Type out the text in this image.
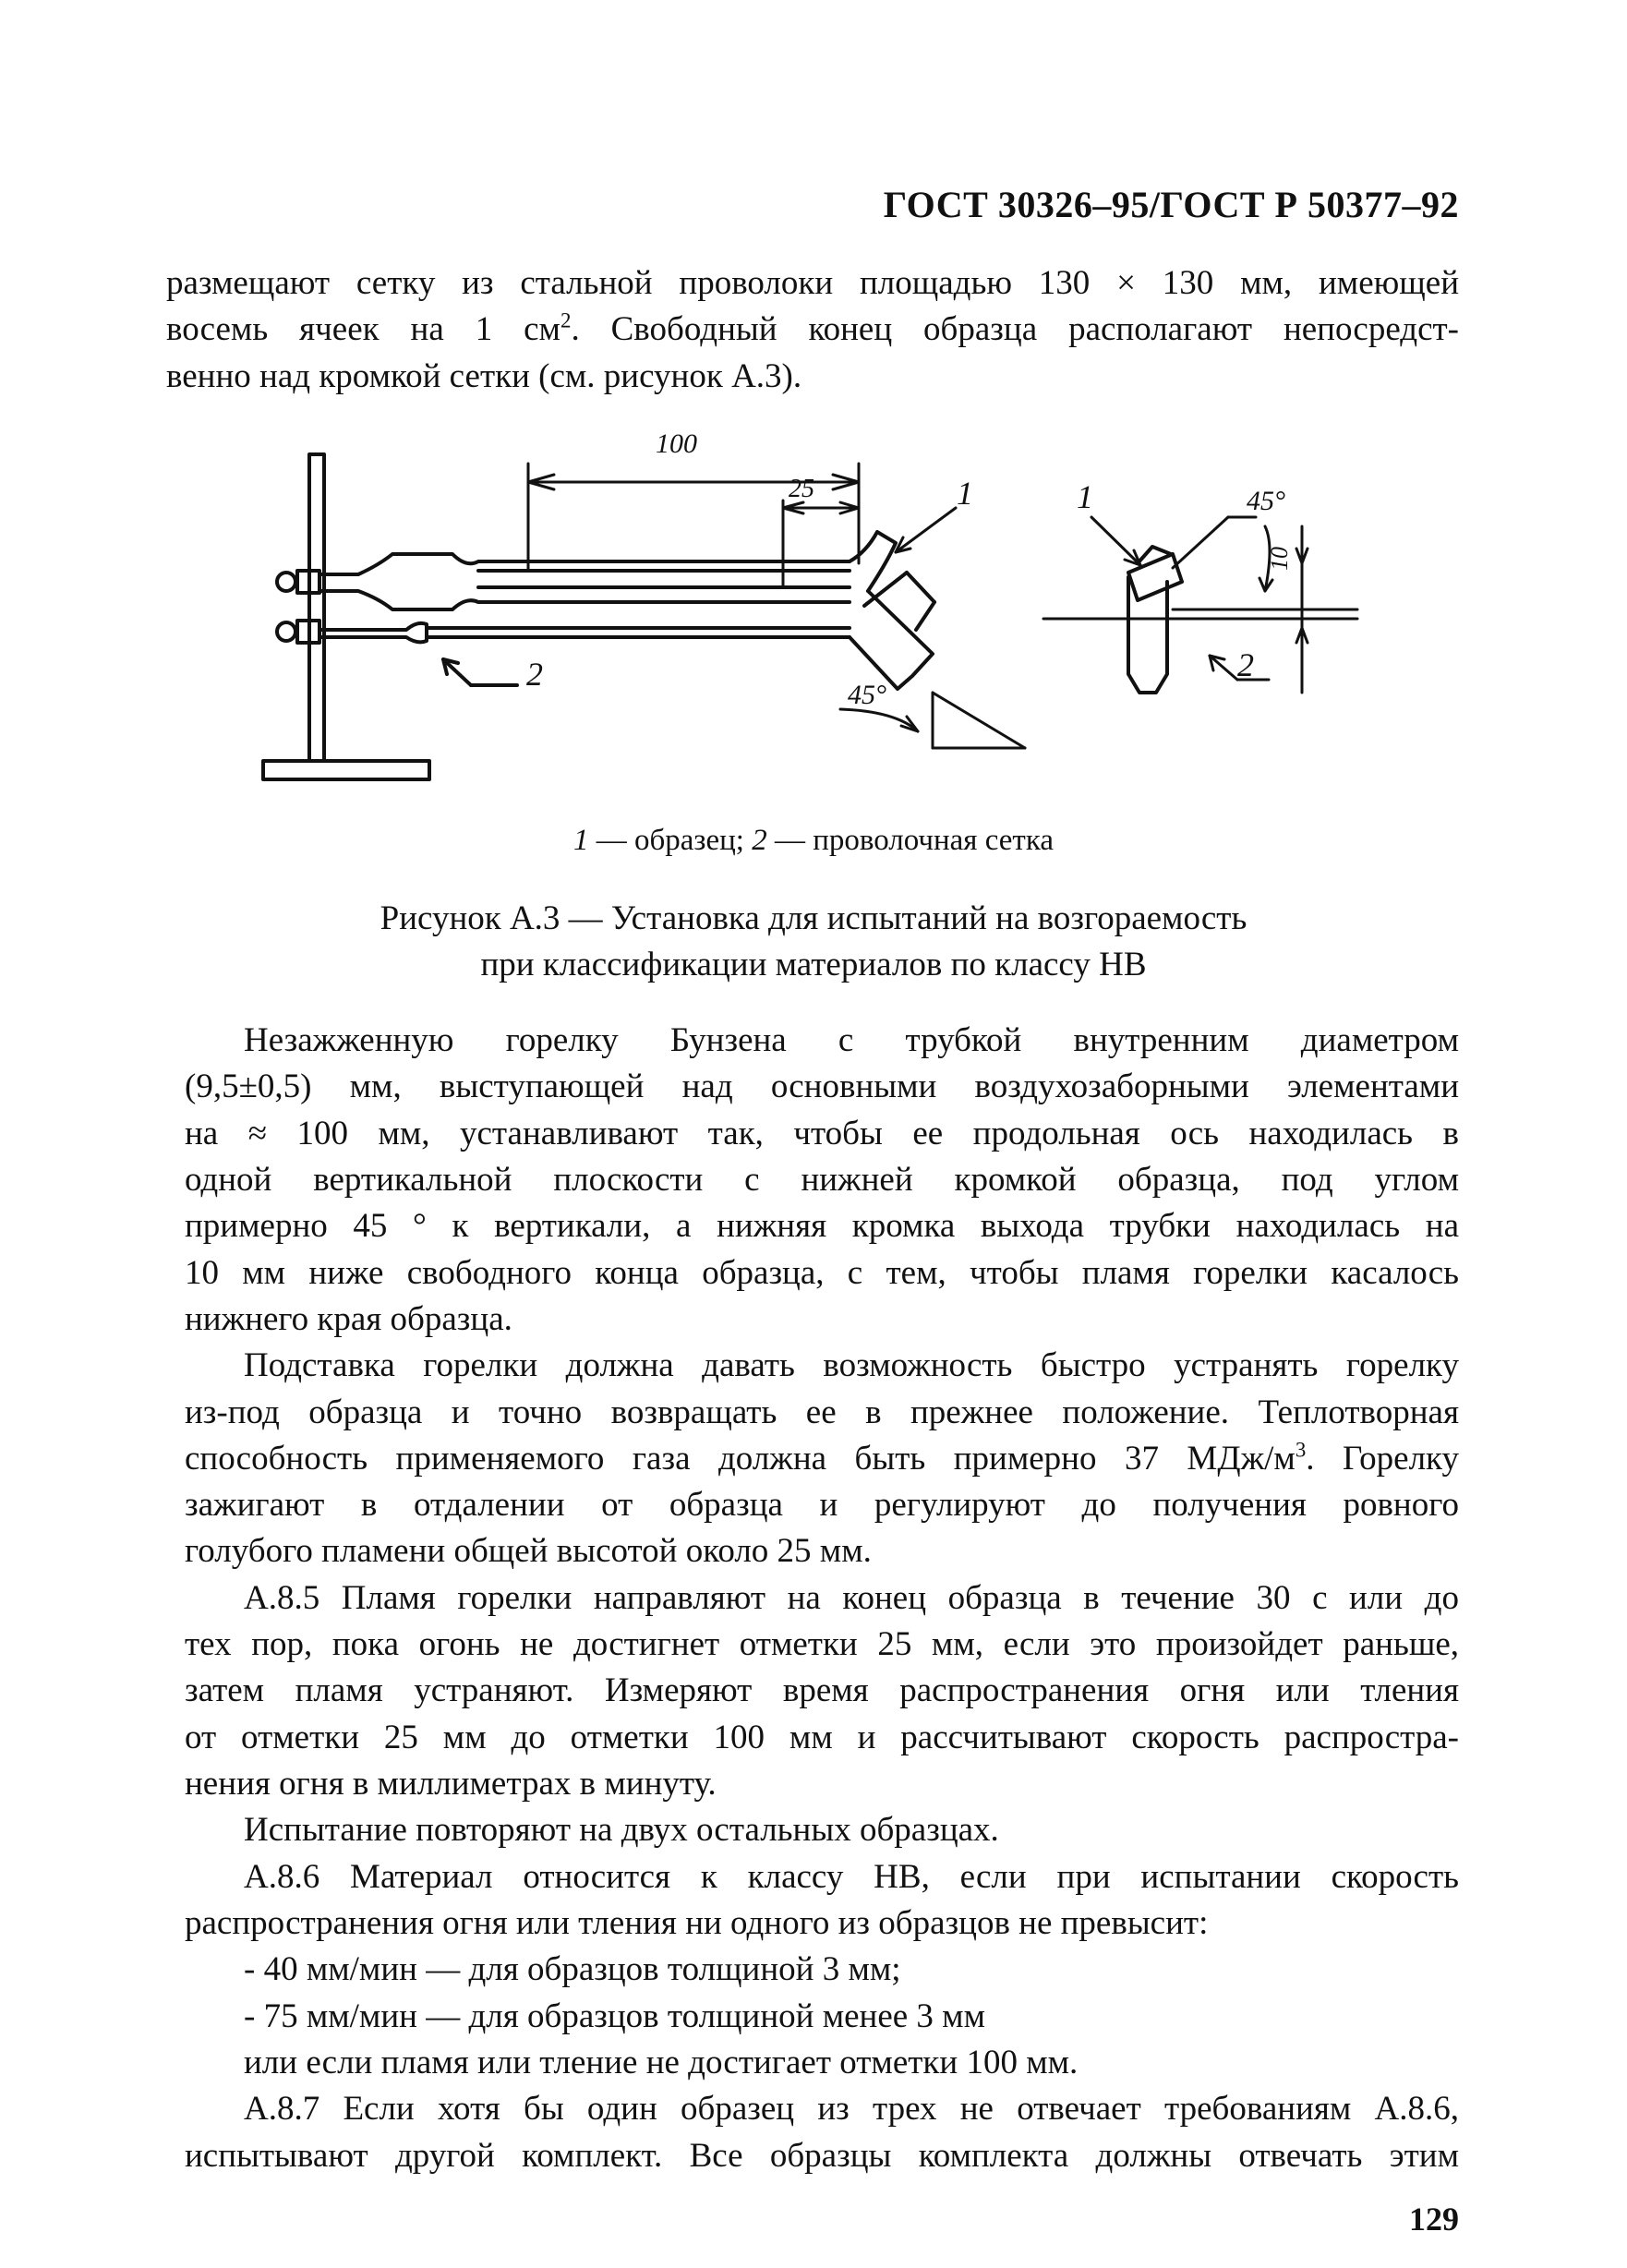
ГОСТ 30326–95/ГОСТ Р 50377–92

размещают сетку из стальной проволоки площадью 130 × 130 мм, имеющей

восемь ячеек на 1 $см^2$. Свободный конец образца располагают непосредст-

венно над кромкой сетки (см. рисунок А.3).

100
25	1	1
2	2
45°
45°
10
1 — образец; 2 — проволочная сетка

Рисунок А.3 — Установка для испытаний на возгораемость

при классификации материалов по классу HB

Незажженную горелку Бунзена с трубкой внутренним диаметром

(9,5±0,5) мм, выступающей над основными воздухозаборными элементами

на ≈ 100 мм, устанавливают так, чтобы ее продольная ось находилась в

одной вертикальной плоскости с нижней кромкой образца, под углом

примерно 45 ° к вертикали, а нижняя кромка выхода трубки находилась на

10 мм ниже свободного конца образца, с тем, чтобы пламя горелки касалось

нижнего края образца.

Подставка горелки должна давать возможность быстро устранять горелку

из-под образца и точно возвращать ее в прежнее положение. Теплотворная

способность применяемого газа должна быть примерно 37 МДж/$м^3$. Горелку

зажигают в отдалении от образца и регулируют до получения ровного

голубого пламени общей высотой около 25 мм.

А.8.5 Пламя горелки направляют на конец образца в течение 30 с или до

тех пор, пока огонь не достигнет отметки 25 мм, если это произойдет раньше,

затем пламя устраняют. Измеряют время распространения огня или тления

от отметки 25 мм до отметки 100 мм и рассчитывают скорость распростра-

нения огня в миллиметрах в минуту.

Испытание повторяют на двух остальных образцах.

А.8.6 Материал относится к классу HB, если при испытании скорость

распространения огня или тления ни одного из образцов не превысит:

- 40 мм/мин — для образцов толщиной 3 мм;

- 75 мм/мин — для образцов толщиной менее 3 мм

или если пламя или тление не достигает отметки 100 мм.

А.8.7 Если хотя бы один образец из трех не отвечает требованиям А.8.6,

испытывают другой комплект. Все образцы комплекта должны отвечать этим

129
